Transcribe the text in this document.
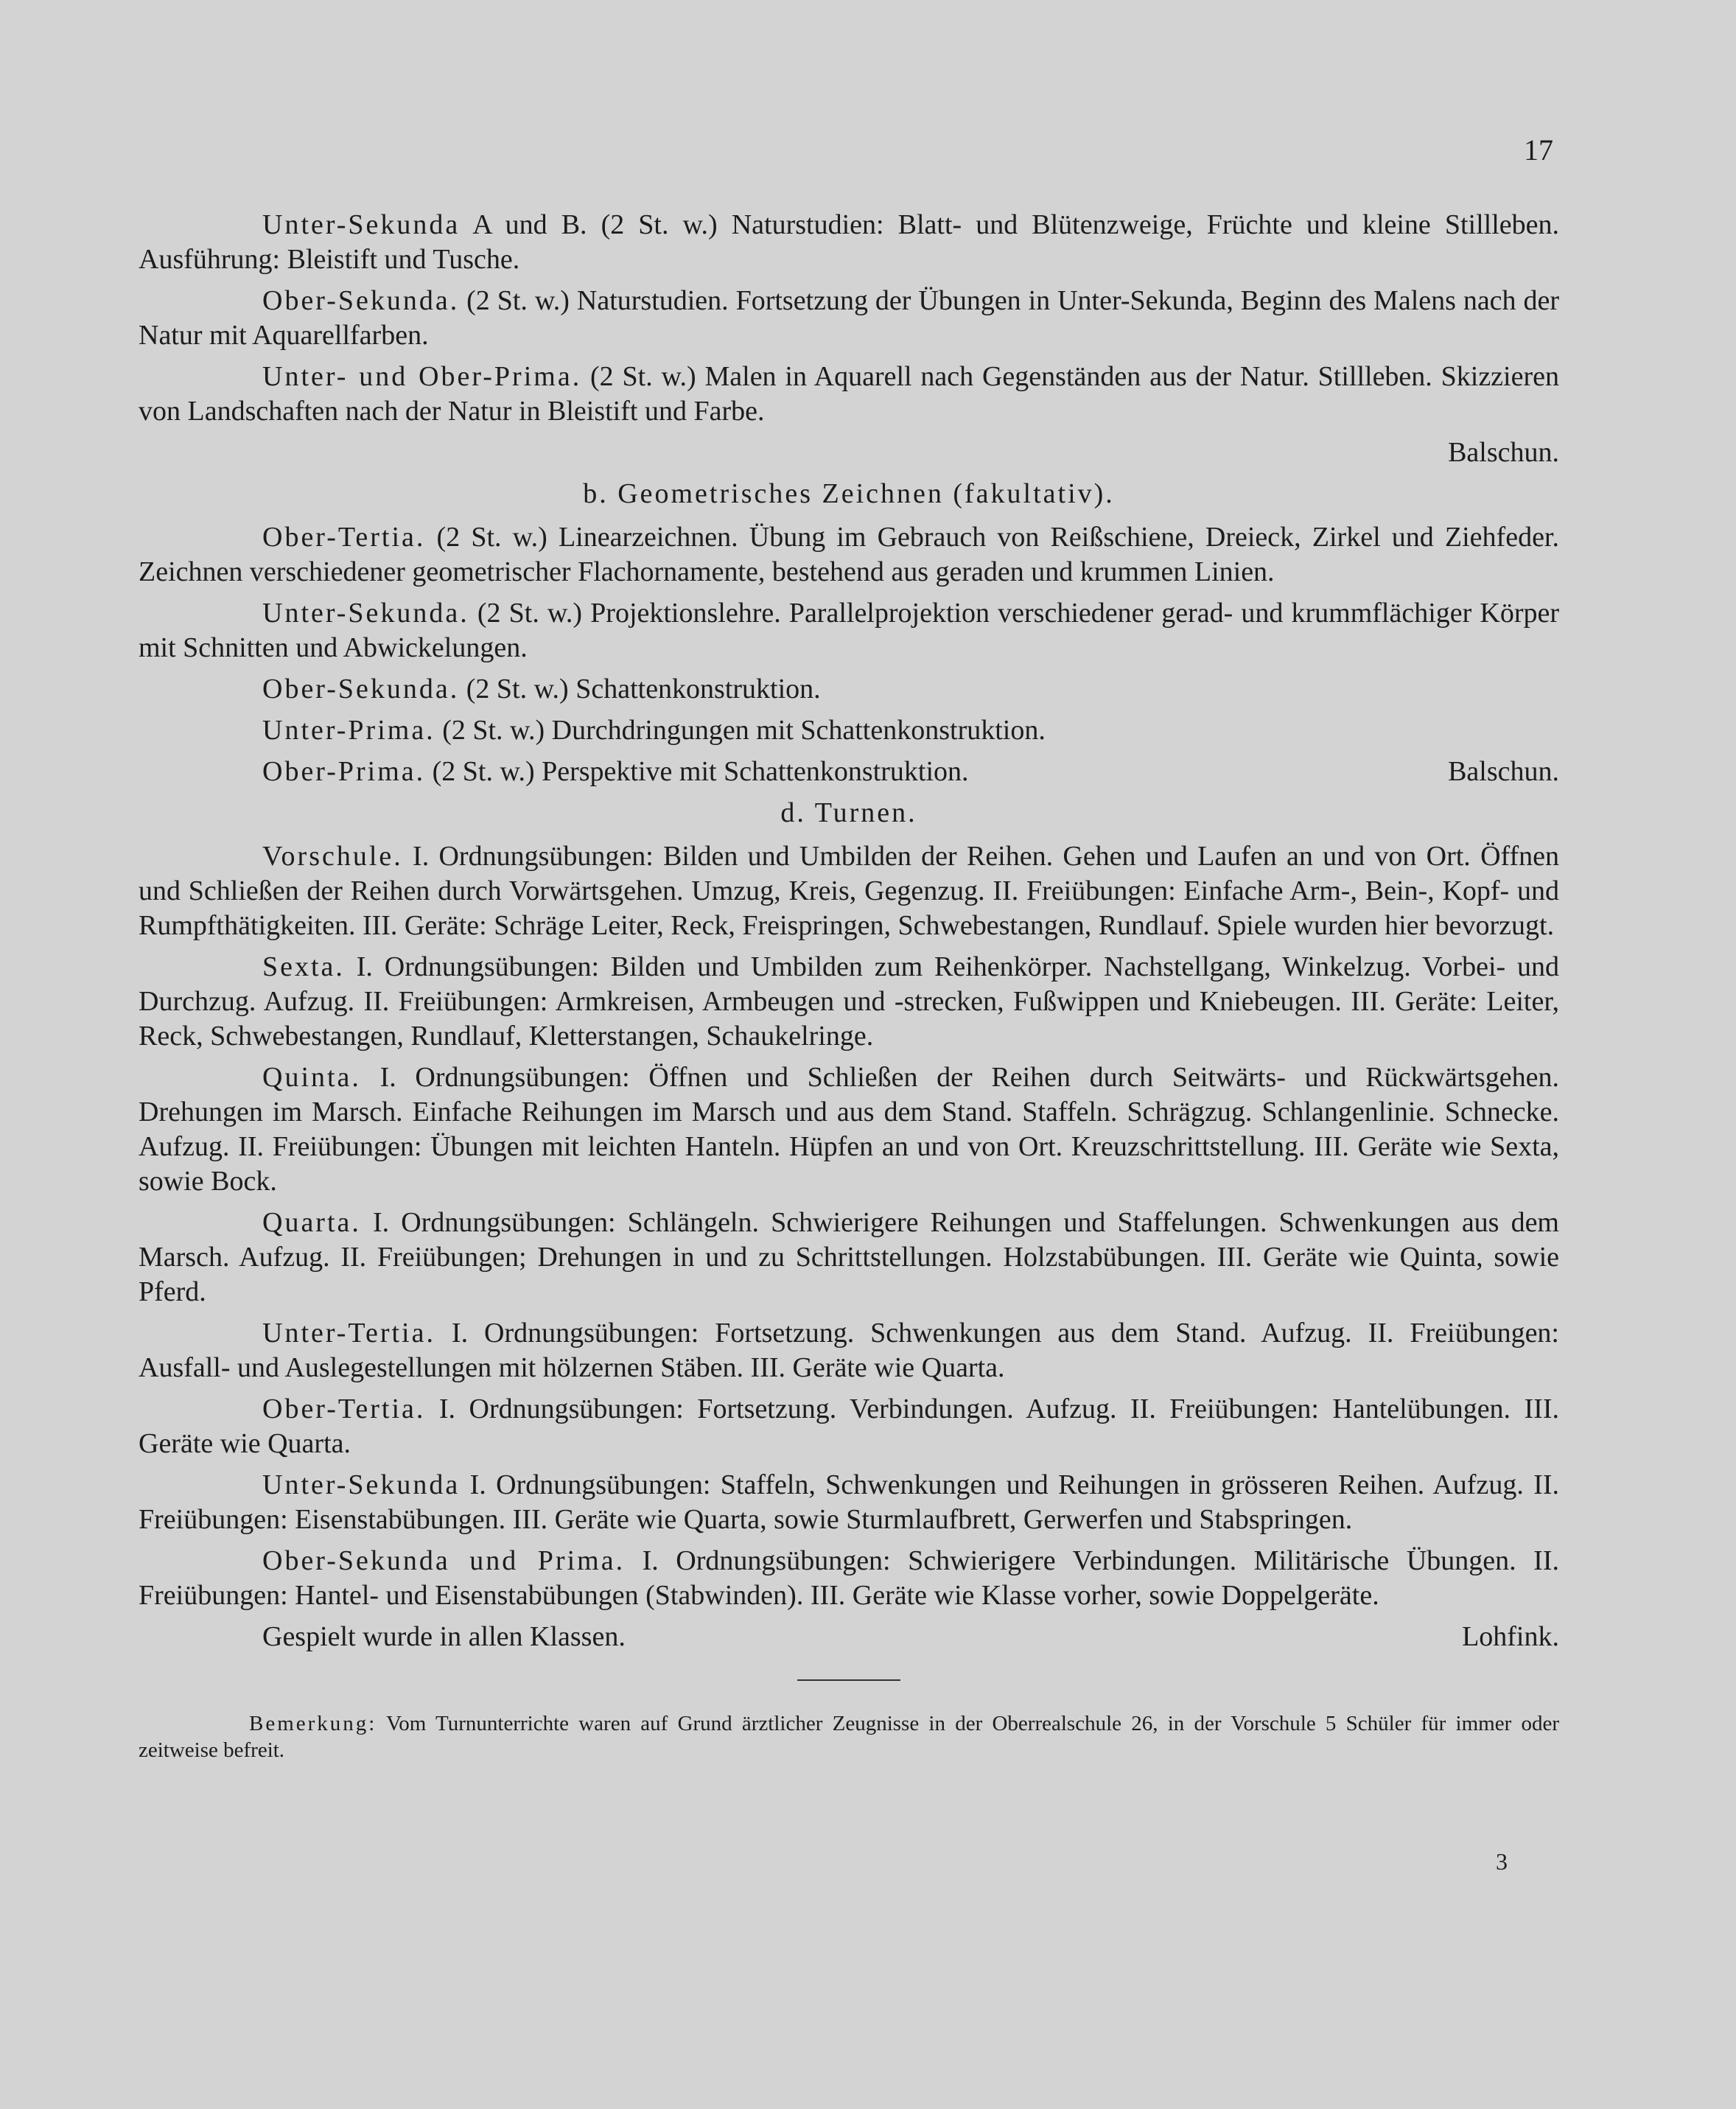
17

Unter-Sekunda A und B. (2 St. w.) Naturstudien: Blatt- und Blütenzweige, Früchte und kleine Stillleben. Ausführung: Bleistift und Tusche.

Ober-Sekunda. (2 St. w.) Naturstudien. Fortsetzung der Übungen in Unter-Sekunda, Beginn des Malens nach der Natur mit Aquarellfarben.

Unter- und Ober-Prima. (2 St. w.) Malen in Aquarell nach Gegenständen aus der Natur. Stillleben. Skizzieren von Landschaften nach der Natur in Bleistift und Farbe.

Balschun.
b. Geometrisches Zeichnen (fakultativ).

Ober-Tertia. (2 St. w.) Linearzeichnen. Übung im Gebrauch von Reißschiene, Dreieck, Zirkel und Ziehfeder. Zeichnen verschiedener geometrischer Flachornamente, bestehend aus geraden und krummen Linien.

Unter-Sekunda. (2 St. w.) Projektionslehre. Parallelprojektion verschiedener gerad- und krummflächiger Körper mit Schnitten und Abwickelungen.

Ober-Sekunda. (2 St. w.) Schattenkonstruktion.

Unter-Prima. (2 St. w.) Durchdringungen mit Schattenkonstruktion.

Ober-Prima. (2 St. w.) Perspektive mit Schattenkonstruktion.	Balschun.

d. Turnen.

Vorschule. I. Ordnungsübungen: Bilden und Umbilden der Reihen. Gehen und Laufen an und von Ort. Öffnen und Schließen der Reihen durch Vorwärtsgehen. Umzug, Kreis, Gegenzug. II. Freiübungen: Einfache Arm-, Bein-, Kopf- und Rumpfthätigkeiten. III. Geräte: Schräge Leiter, Reck, Freispringen, Schwebestangen, Rundlauf. Spiele wurden hier bevorzugt.

Sexta. I. Ordnungsübungen: Bilden und Umbilden zum Reihenkörper. Nachstellgang, Winkelzug. Vorbei- und Durchzug. Aufzug. II. Freiübungen: Armkreisen, Armbeugen und -strecken, Fußwippen und Kniebeugen. III. Geräte: Leiter, Reck, Schwebestangen, Rundlauf, Kletterstangen, Schaukelringe.

Quinta. I. Ordnungsübungen: Öffnen und Schließen der Reihen durch Seitwärts- und Rückwärtsgehen. Drehungen im Marsch. Einfache Reihungen im Marsch und aus dem Stand. Staffeln. Schrägzug. Schlangenlinie. Schnecke. Aufzug. II. Freiübungen: Übungen mit leichten Hanteln. Hüpfen an und von Ort. Kreuzschrittstellung. III. Geräte wie Sexta, sowie Bock.

Quarta. I. Ordnungsübungen: Schlängeln. Schwierigere Reihungen und Staffelungen. Schwenkungen aus dem Marsch. Aufzug. II. Freiübungen; Drehungen in und zu Schrittstellungen. Holzstabübungen. III. Geräte wie Quinta, sowie Pferd.

Unter-Tertia. I. Ordnungsübungen: Fortsetzung. Schwenkungen aus dem Stand. Aufzug. II. Freiübungen: Ausfall- und Auslegestellungen mit hölzernen Stäben. III. Geräte wie Quarta.

Ober-Tertia. I. Ordnungsübungen: Fortsetzung. Verbindungen. Aufzug. II. Freiübungen: Hantelübungen. III. Geräte wie Quarta.

Unter-Sekunda I. Ordnungsübungen: Staffeln, Schwenkungen und Reihungen in grösseren Reihen. Aufzug. II. Freiübungen: Eisenstabübungen. III. Geräte wie Quarta, sowie Sturmlaufbrett, Gerwerfen und Stabspringen.

Ober-Sekunda und Prima. I. Ordnungsübungen: Schwierigere Verbindungen. Militärische Übungen. II. Freiübungen: Hantel- und Eisenstabübungen (Stabwinden). III. Geräte wie Klasse vorher, sowie Doppelgeräte.

Gespielt wurde in allen Klassen.	Lohfink.

Bemerkung: Vom Turnunterrichte waren auf Grund ärztlicher Zeugnisse in der Oberrealschule 26, in der Vorschule 5 Schüler für immer oder zeitweise befreit.

3
